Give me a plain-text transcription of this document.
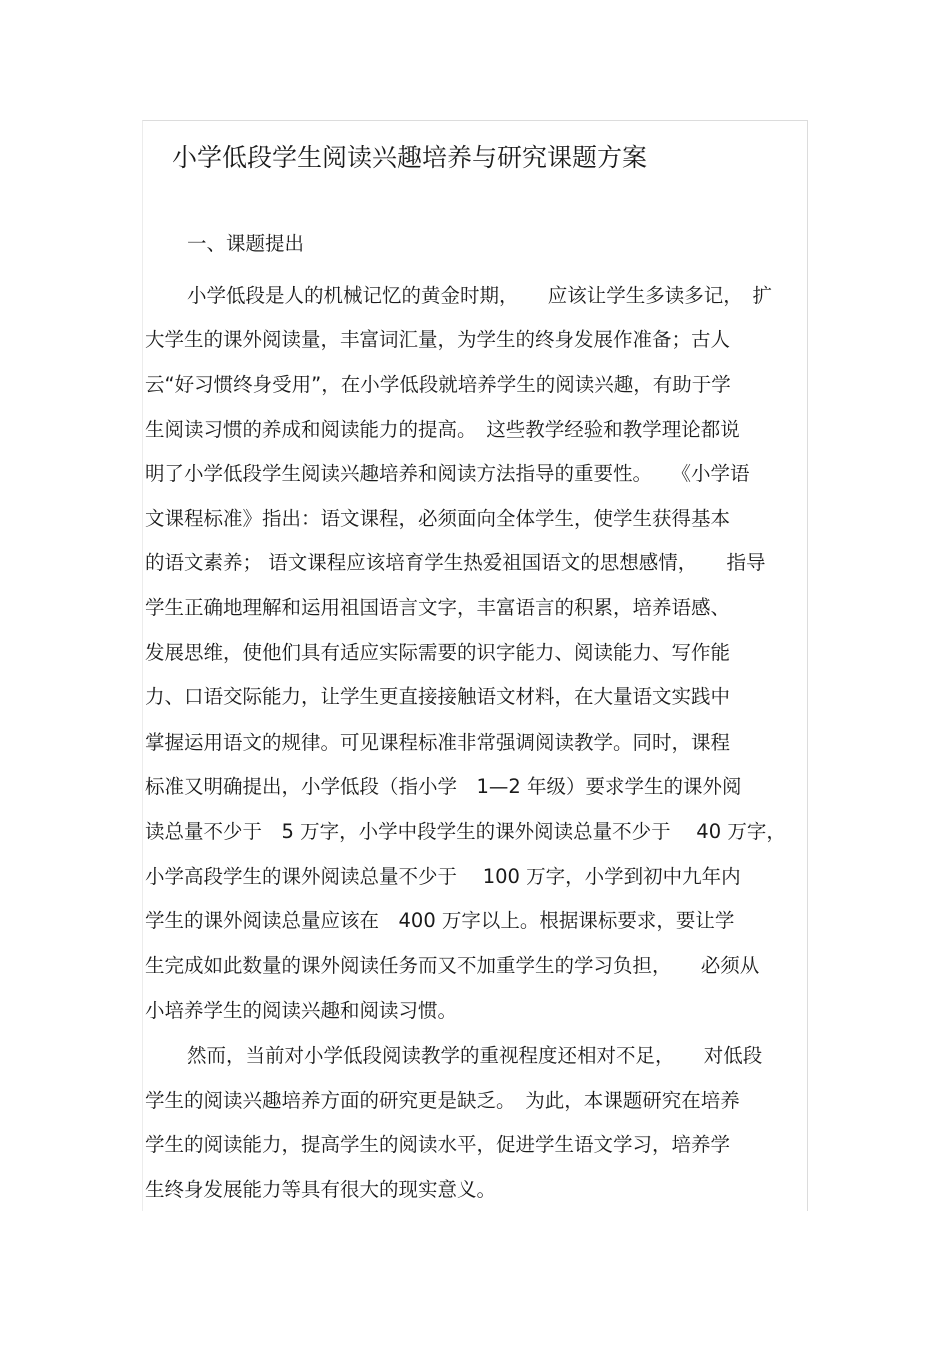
小学低段学生阅读兴趣培养与研究课题方案

一、课题提出

小学低段是人的机械记忆的黄金时期，　　应该让学生多读多记，　扩

大学生的课外阅读量，丰富词汇量，为学生的终身发展作准备；古人

云“好习惯终身受用”，在小学低段就培养学生的阅读兴趣，有助于学

生阅读习惯的养成和阅读能力的提高。　这些教学经验和教学理论都说

明了小学低段学生阅读兴趣培养和阅读方法指导的重要性。　　《小学语

文课程标准》指出：语文课程，必须面向全体学生，使学生获得基本

的语文素养； 语文课程应该培育学生热爱祖国语文的思想感情，　　指导

学生正确地理解和运用祖国语言文字，丰富语言的积累，培养语感、

发展思维，使他们具有适应实际需要的识字能力、阅读能力、写作能

力、口语交际能力，让学生更直接接触语文材料，在大量语文实践中

掌握运用语文的规律。可见课程标准非常强调阅读教学。同时，课程

标准又明确提出，小学低段（指小学　1—2 年级）要求学生的课外阅

读总量不少于　5 万字，小学中段学生的课外阅读总量不少于　 40 万字，

小学高段学生的课外阅读总量不少于　 100 万字，小学到初中九年内

学生的课外阅读总量应该在　400 万字以上。根据课标要求，要让学

生完成如此数量的课外阅读任务而又不加重学生的学习负担，　　必须从

小培养学生的阅读兴趣和阅读习惯。

然而，当前对小学低段阅读教学的重视程度还相对不足，　　对低段

学生的阅读兴趣培养方面的研究更是缺乏。　为此，本课题研究在培养

学生的阅读能力，提高学生的阅读水平，促进学生语文学习，培养学

生终身发展能力等具有很大的现实意义。
